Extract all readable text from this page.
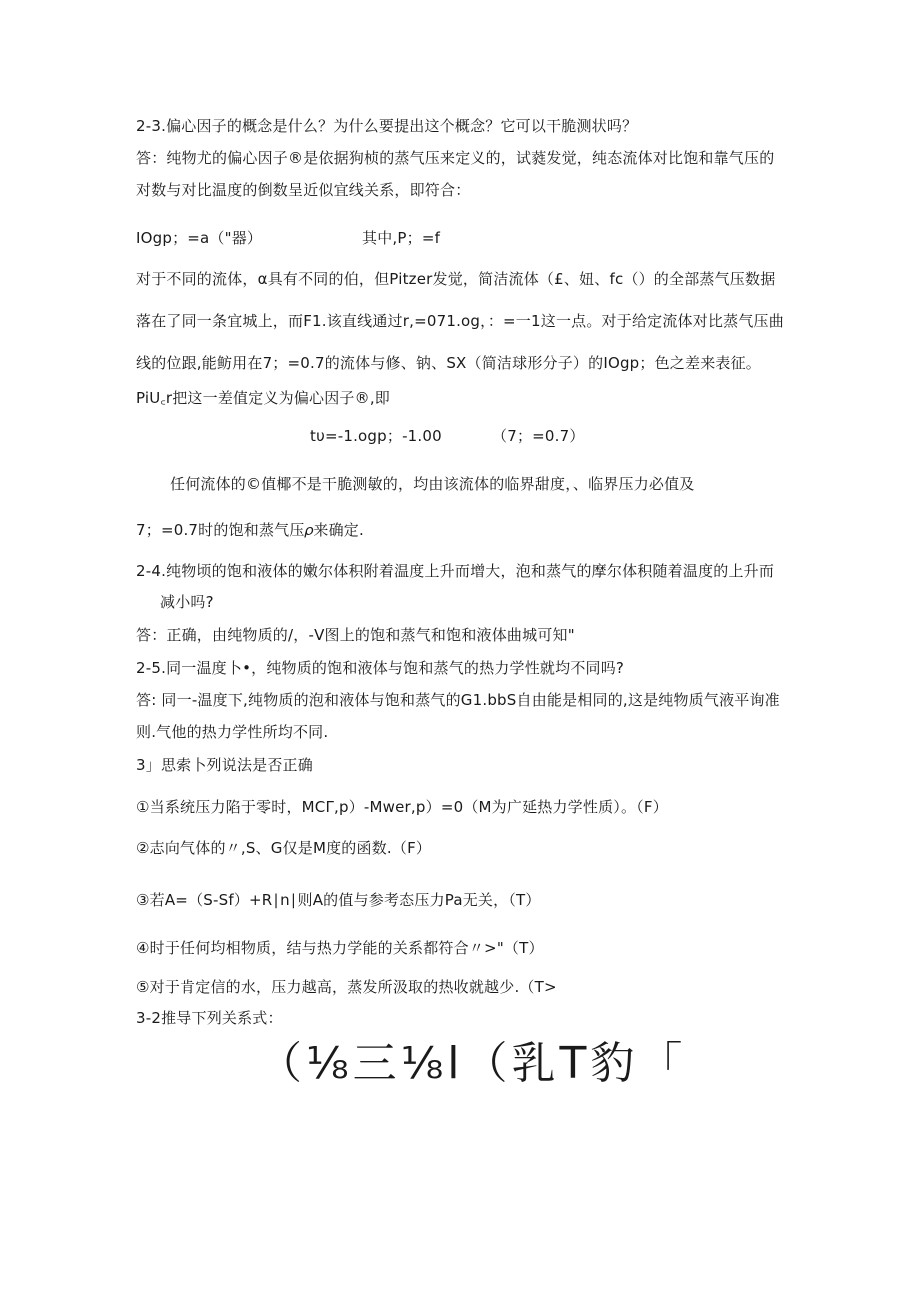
2-3.偏心因子的概念是什么？为什么要提出这个概念？它可以干脆测状吗？
答：纯物尤的偏心因子®是依据狗桢的蒸气压来定义的，试蕤发觉，纯态流体对比饱和靠气压的
对数与对比温度的倒数呈近似宜线关系，即符合：
IOgp；=a（"器）	其中,P；=f
对于不同的流体，α具有不同的伯，但Pitzer发觉，简洁流体（£、妞、fc（）的全部蒸气压数据
落在了同一条宜城上，而F1.该直线通过r,=071.og，：=一1这一点。对于给定流体对比蒸气压曲
线的位跟,能鲂用在7；=0.7的流体与修、钠、SX（简洁球形分子）的IOgp；色之差来表征。
PiU꜀r把这一差值定义为偏心因子®,即
tυ=-1.ogp；-1.00	（7；=0.7）
任何流体的©值椰不是干脆测敏的，均由该流体的临界甜度，、临界压力必值及
7；=0.7时的饱和蒸气压𝜌来确定.
2-4.纯物顷的饱和液体的嫩尔体积附着温度上升而增大，泡和蒸气的摩尔体积随着温度的上升而
减小吗?
答：正确，由纯物质的/，-V图上的饱和蒸气和饱和液体曲城可知"
2-5.同一温度卜•，纯物质的饱和液体与饱和蒸气的热力学性就均不同吗?
答: 同一-温度下,纯物质的泡和液体与饱和蒸气的G1.bbS自由能是相同的,这是纯物质气液平询准
则.气他的热力学性所均不同.
3」思索卜列说法是否正确
①当系统压力陷于零时，MCΓ,p）-Mwer,p）=0（M为广延热力学性质）。（F）
②志向气体的〃,S、G仅是M度的函数.（F）
③若A=（S-Sf）+R∣n∣则A的值与参考态压力Pa无关，（T）
④时于任何均相物质，结与热力学能的关系都符合〃>"（T）
⑤对于肯定信的水，压力越高，蒸发所汲取的热收就越少.（T>
3-2推导下列关系式：
（⅛三⅛l（乳T豹「
